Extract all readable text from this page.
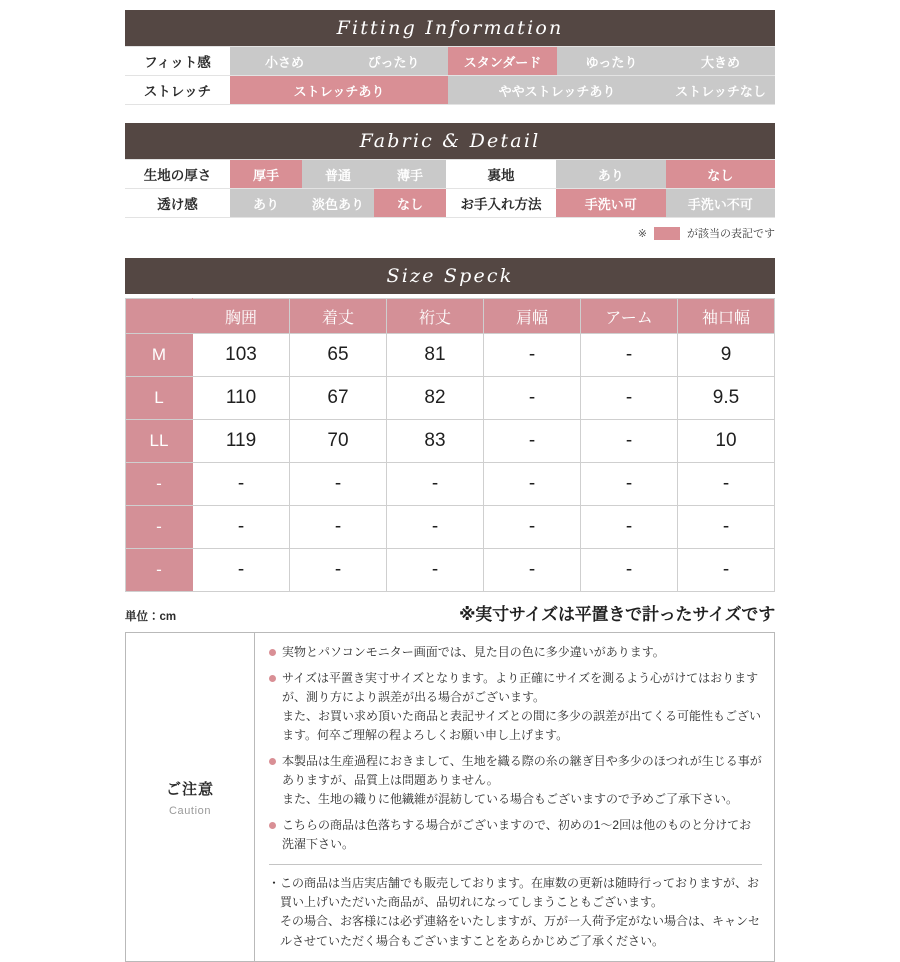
Fitting Information
フィット感	小さめ	ぴったり	スタンダード	ゆったり	大きめ
ストレッチ	ストレッチあり		ややストレッチあり		ストレッチなし
Fabric & Detail
生地の厚さ	厚手	普通	薄手	裏地	あり	なし
透け感	あり	淡色あり	なし	お手入れ方法	手洗い可	手洗い不可
※	が該当の表記です
Size Speck
	胸囲	着丈	裄丈	肩幅	アーム	袖口幅
M	103	65	81	-	-	9
L	110	67	82	-	-	9.5
LL	119	70	83	-	-	10
-	-	-	-	-	-	-
-	-	-	-	-	-	-
-	-	-	-	-	-	-
単位：cm	※実寸サイズは平置きで計ったサイズです
ご注意
Caution
実物とパソコンモニター画面では、見た目の色に多少違いがあります。
サイズは平置き実寸サイズとなります。より正確にサイズを測るよう心がけてはおりますが、測り方により誤差が出る場合がございます。
また、お買い求め頂いた商品と表記サイズとの間に多少の誤差が出てくる可能性もございます。何卒ご理解の程よろしくお願い申し上げます。
本製品は生産過程におきまして、生地を織る際の糸の継ぎ目や多少のほつれが生じる事がありますが、品質上は問題ありません。
また、生地の織りに他繊維が混紡している場合もございますので予めご了承下さい。
こちらの商品は色落ちする場合がございますので、初めの1～2回は他のものと分けてお洗濯下さい。
・ この商品は当店実店舗でも販売しております。在庫数の更新は随時行っておりますが、お買い上げいただいた商品が、品切れになってしまうこともございます。
その場合、お客様には必ず連絡をいたしますが、万が一入荷予定がない場合は、キャンセルさせていただく場合もございますことをあらかじめご了承ください。
